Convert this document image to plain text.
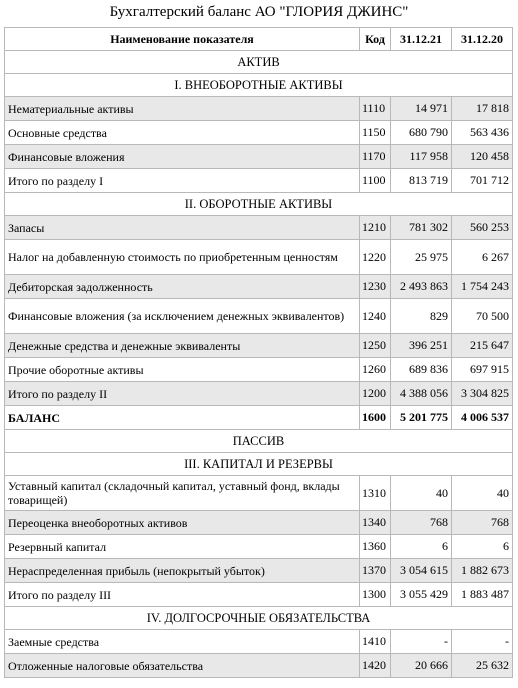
Бухгалтерский баланс АО "ГЛОРИЯ ДЖИНС"
Наименование показателя	Код	31.12.21	31.12.20
АКТИВ			
I. ВНЕОБОРОТНЫЕ АКТИВЫ			
Нематериальные активы	1110	14 971	17 818
Основные средства	1150	680 790	563 436
Финансовые вложения	1170	117 958	120 458
Итого по разделу I	1100	813 719	701 712
II. ОБОРОТНЫЕ АКТИВЫ			
Запасы	1210	781 302	560 253
Налог на добавленную стоимость по приобретенным ценностям	1220	25 975	6 267
Дебиторская задолженность	1230	2 493 863	1 754 243
Финансовые вложения (за исключением денежных эквивалентов)	1240	829	70 500
Денежные средства и денежные эквиваленты	1250	396 251	215 647
Прочие оборотные активы	1260	689 836	697 915
Итого по разделу II	1200	4 388 056	3 304 825
БАЛАНС	1600	5 201 775	4 006 537
ПАССИВ			
III. КАПИТАЛ И РЕЗЕРВЫ			
Уставный капитал (складочный капитал, уставный фонд, вклады товарищей)	1310	40	40
Переоценка внеоборотных активов	1340	768	768
Резервный капитал	1360	6	6
Нераспределенная прибыль (непокрытый убыток)	1370	3 054 615	1 882 673
Итого по разделу III	1300	3 055 429	1 883 487
IV. ДОЛГОСРОЧНЫЕ ОБЯЗАТЕЛЬСТВА			
Заемные средства	1410	-	-
Отложенные налоговые обязательства	1420	20 666	25 632
